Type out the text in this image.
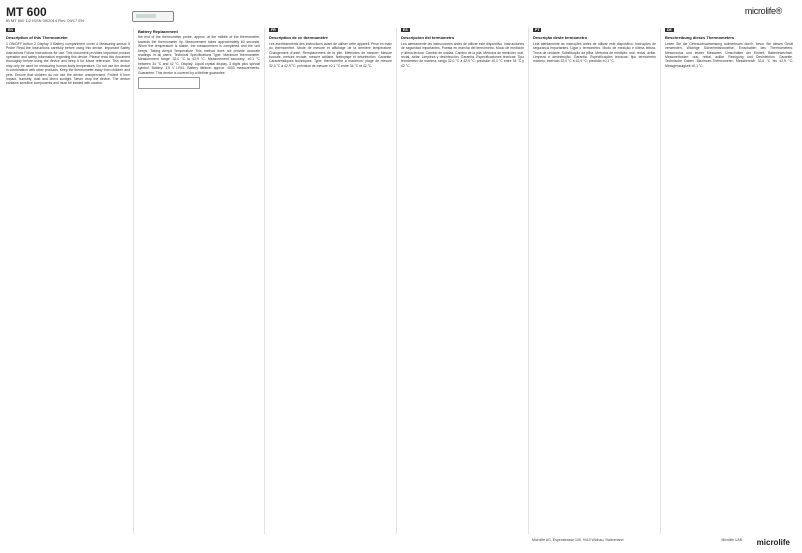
MT 600
IB MT 600 1/2 ISSN 09/2014 Rev. 09/17 EN
$^{microlife®}$
EN
Description of this Thermometer

1 ON/OFF button 2 Display 3 Battery compartment cover 4 Measuring sensor 5 Probe Read the instructions carefully before using this device. Important Safety Instructions Follow instructions for use. This document provides important product operation and safety information regarding this device. Please read this document thoroughly before using the device and keep it for future reference. This device may only be used for measuring human body temperature. Do not use the device in combination with other products. Keep the thermometer away from children and pets. Ensure that children do not use the device unsupervised. Protect it from impact, humidity, dust and direct sunlight. Never drop the device. The device contains sensitive components and must be treated with caution.

Battery Replacement

the end of the thermometer probe, approx. at the middle of the thermometer, towards the thermometer tip. Measurement takes approximately 60 seconds. When the temperature is stable, the measurement is completed and the unit beeps. Taking Armpit Temperature This method does not provide accurate readings in all users. Technical Specifications Type: Maximum thermometer. Measurement range: 32.0 °C to 42.9 °C. Measurement accuracy: ±0.1 °C between 34 °C and 42 °C. Display: Liquid crystal display, 3 digits plus special symbol. Battery: 1.5 V LR41. Battery lifetime: approx. 4000 measurements. Guarantee: This device is covered by a lifetime guarantee.

FR
Description de ce thermomètre

Les avertissements des instructions avant de utiliser cette appareil. Prise en main du thermomètre. Mode de mesure et affichage de la dernière température. Changement d'unité. Remplacement de la pile. Méthodes de mesure: Mesure buccale, mesure rectale, mesure axillaire. Nettoyage et désinfection. Garantie. Caractéristiques techniques: Type: thermomètre à maximum; plage de mesure 32,0 °C à 42,9 °C; précision de mesure ±0,1 °C entre 34 °C et 42 °C.

ES
Descripción del termómetro

Lea atentamente las instrucciones antes de utilizar este dispositivo. Instrucciones de seguridad importantes. Puesta en marcha del termómetro. Modo de medición y última lectura. Cambio de unidad. Cambio de la pila. Métodos de medición: oral, rectal, axilar. Limpieza y desinfección. Garantía. Especificaciones técnicas: Tipo termómetro de máxima; rango 32,0 °C a 42,9 °C; precisión ±0,1 °C entre 34 °C y 42 °C.

PT
Descrição deste termómetro

Leia atentamente as instruções antes de utilizar este dispositivo. Instruções de segurança importantes. Ligar o termómetro. Modo de medição e última leitura. Troca de unidade. Substituição da pilha. Métodos de medição: oral, rectal, axilar. Limpeza e desinfecção. Garantia. Especificações técnicas: tipo termómetro máximo; intervalo 32,0 °C a 42,9 °C; precisão ±0,1 °C.

DE
Beschreibung dieses Thermometers

Lesen Sie die Gebrauchsanweisung aufmerksam durch, bevor Sie dieses Gerät verwenden. Wichtige Sicherheitshinweise. Einschalten des Thermometers. Messmodus und letzter Messwert. Umschalten der Einheit. Batteriewechsel. Messmethoden: oral, rektal, axillar. Reinigung und Desinfektion. Garantie. Technische Daten: Maximum-Thermometer; Messbereich 32,0 °C bis 42,9 °C; Messgenauigkeit ±0,1 °C.

Microlife AG, Espenstrasse 139, 9443 Widnau, Switzerland	Microlife UAB microlife
